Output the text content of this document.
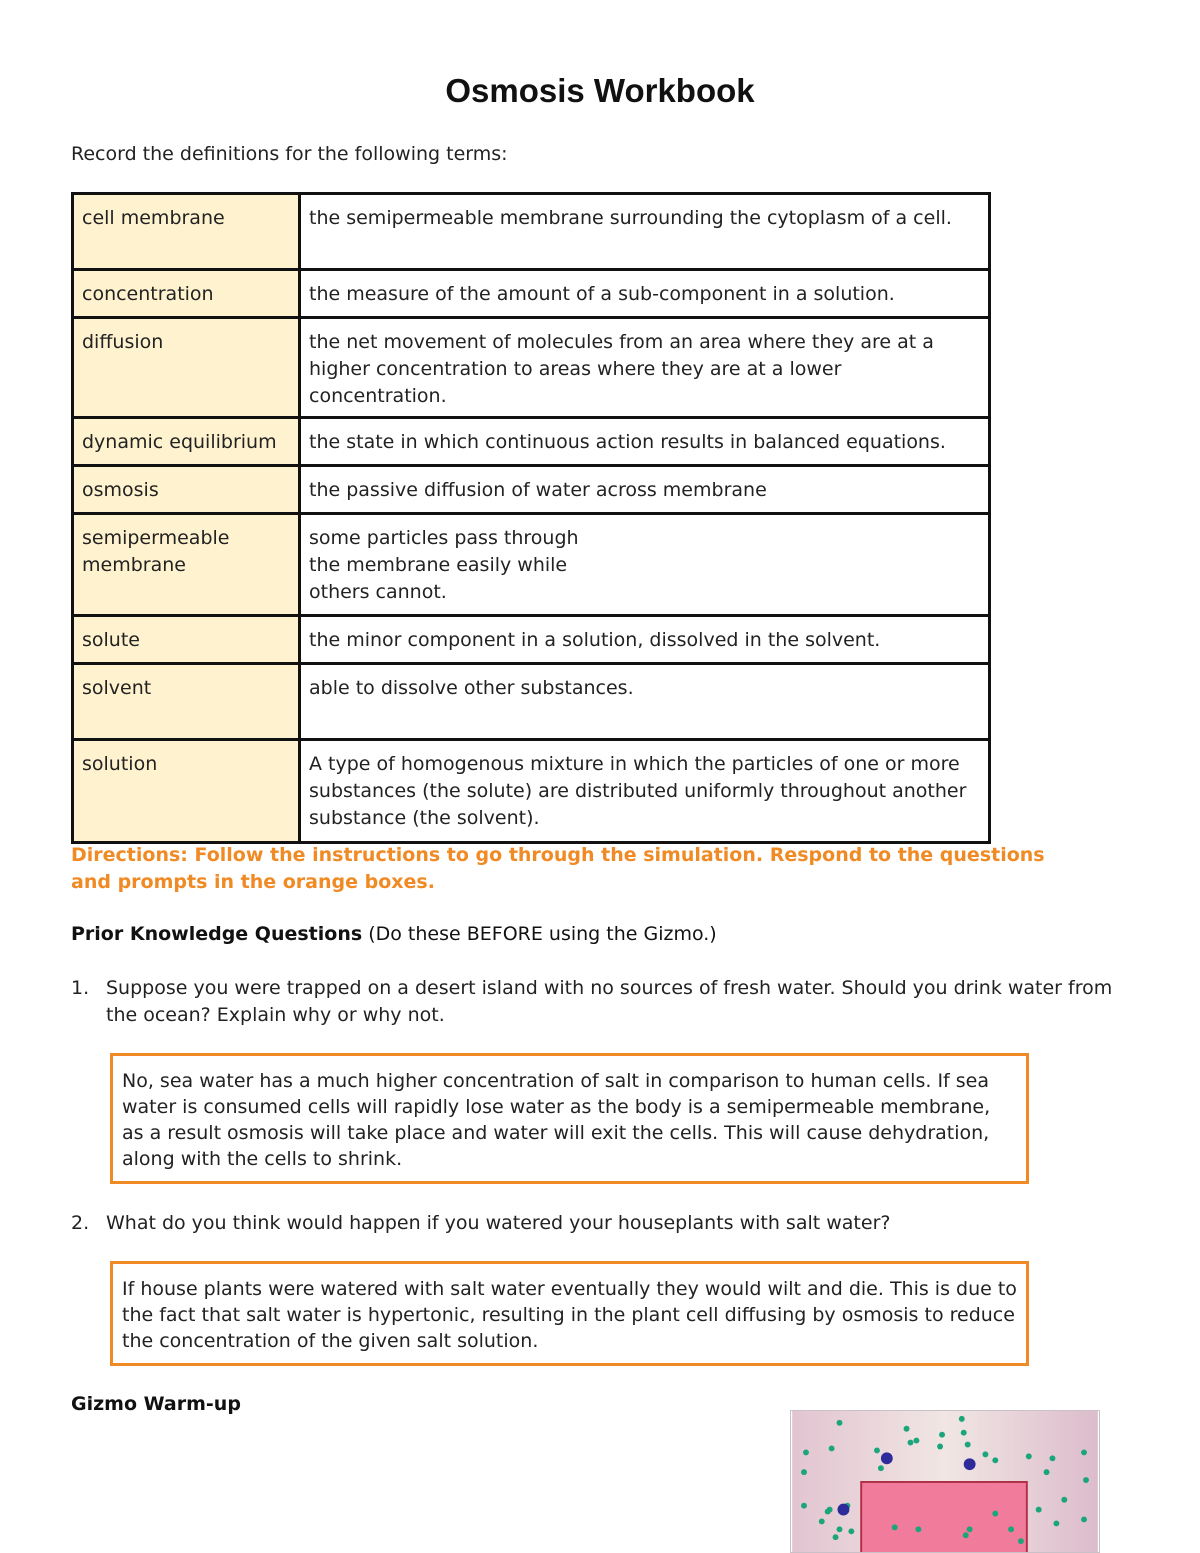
Osmosis Workbook
Record the definitions for the following terms:
cell membrane	the semipermeable membrane surrounding the cytoplasm of a cell.
concentration	the measure of the amount of a sub-component in a solution.
diffusion	the net movement of molecules from an area where they are at a higher concentration to areas where they are at a lower concentration.
dynamic equilibrium	the state in which continuous action results in balanced equations.
osmosis	the passive diffusion of water across membrane
semipermeable membrane	some particles pass through the membrane easily while others cannot.
solute	the minor component in a solution, dissolved in the solvent.
solvent	able to dissolve other substances.
solution	A type of homogenous mixture in which the particles of one or more substances (the solute) are distributed uniformly throughout another substance (the solvent).
Directions: Follow the instructions to go through the simulation. Respond to the questions and prompts in the orange boxes.
Prior Knowledge Questions (Do these BEFORE using the Gizmo.)
1. Suppose you were trapped on a desert island with no sources of fresh water. Should you drink water from the ocean? Explain why or why not.
No, sea water has a much higher concentration of salt in comparison to human cells. If sea water is consumed cells will rapidly lose water as the body is a semipermeable membrane, as a result osmosis will take place and water will exit the cells. This will cause dehydration, along with the cells to shrink.
2. What do you think would happen if you watered your houseplants with salt water?
If house plants were watered with salt water eventually they would wilt and die. This is due to the fact that salt water is hypertonic, resulting in the plant cell diffusing by osmosis to reduce the concentration of the given salt solution.
Gizmo Warm-up
